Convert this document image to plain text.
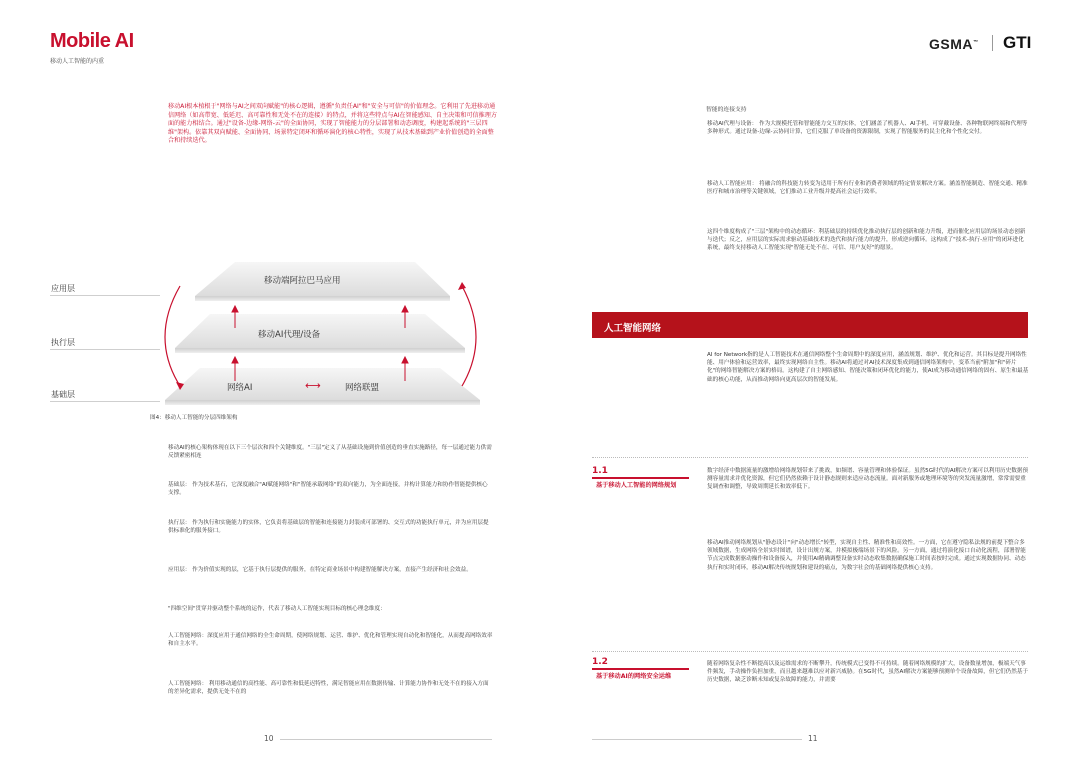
Mobile AI
移动人工智能的内重
GSMA™ GTI
移动AI根本植根于"网络与AI之间双向赋能"的核心逻辑，遵循"负责任AI"和"安全与可信"的价值理念。它利用了先进移动通信网络（如高带宽、低延迟、高可靠性和无处不在的连接）的特点，并将这些特点与AI在智能感知、自主决策和可信推理方面的能力相结合。通过"设备-边缘-网络-云"的全面协同，实现了智能能力的分层部署和动态调度，构建起系统的"三层四维"架构。依靠其双向赋能、全面协同、场景特定闭环和循环演化的核心特性，实现了从技术基础到产业价值创造的全面整合和持续迭代。
应用层
执行层
基础层
移动端阿拉巴马应用
移动AI代理/设备
网络AI	⟷	网络联盟
图4：移动人工智能的分层四维架构
移动AI的核心架构体现在以下三个层次和四个关键维度。"三层"定义了从基础设施到价值创造的垂直实施路径，每一层通过能力供需反馈紧密相连
基础层： 作为技术基石，它深度融合"AI赋能网络"和"智能承载网络"的双向能力，为全面连接，并构计算能力和协作智能提供核心支撑。
执行层： 作为执行和实施能力的实体，它负责将基础层的智能和连接能力封装成可部署的、交互式的功能执行单元，并为应用层提供标准化的服务接口。
应用层： 作为价值实现的层，它基于执行层提供的服务，在特定商业场景中构建智能解决方案，直接产生经济和社会效益。
"四维空间"贯穿并驱动整个系统的运作，代表了移动人工智能实现目标的核心理念维度：
人工智能网络：深度应用于通信网络的全生命周期，使网络规划、运营、维护、优化和管理实现自动化和智能化，从而提高网络效率和自主水平。
人工智能网络： 利用移动通信的高性能、高可靠性和低延迟特性，满足智能应用在数据传输、计算能力协作和无处不在的接入方面的差异化需求，提供无处不在的
10
智能的连接支持
移动AI代理与设备： 作为大规模托管和智能能力交互的实体，它们涵盖了机器人、AI手机、可穿戴设备、各种物联网终端和代理等多种形式。通过设备-边缘-云协同计算，它们克服了单设备的资源限制，实现了智能服务的民主化和个性化交付。
移动人工智能应用： 将融合的科技能力转变为适用于所有行业和消费者领域的特定情景解决方案。涵盖智能制造、智能交通、精准医疗和城市治理等关键领域，它们推动工业升级并提高社会运行效率。
这四个维度构成了"三层"架构中的动态循环：利基础层的持续优化推动执行层的创新和能力升级，进而催化应用层的场景动态创新与迭代；反之，应用层的实际需求驱动基础技术的迭代和执行能力的提升，形成逆向循环。这构成了"技术-执行-应用"的闭环进化系统，最终支持移动人工智能实现"智能无处不在、可信、用户友好"的愿景。
人工智能网络
AI for Network指的是人工智能技术在通信网络整个生命周期中的深度应用，涵盖规划、维护、优化和运营。其目标是提升网络性能、用户体验和运营效率，最终实现网络自主性。移动AI将通过对AI技术深度集成到通信网络架构中，变革当前"附加"和"碎片化"的网络智能解决方案的格局。这构建了自主网络感知、智能决策和闭环优化的能力，使AI成为移动通信网络的固有、原生和最基础的核心功能，从而推动网络向更高层次的智能发展。
1.1
基于移动人工智能的网络规划
数字经济中数据流量的激增给网络规划带来了挑战，如频谱、容量管理和体验保证。虽然5G时代的AI解决方案可以利用历史数据预测容量需求并优化资源，但它们仍然依赖于设计静态规则来适应动态流量。面对新服务或地理环境等的突发流量激增，常常需要重复调查和调整，导致周期延长和效率低下。
移动AI推动网络规划从"静态设计"向"动态增长"转型，实现自主性、精准性和高效性。一方面，它在遵守隐私法规的前提下整合多领域数据，生成网络全景实时图谱，设计出规方案，并模拟极端场景下的风险。另一方面，通过将演化接口自动化流程，部署智能节点完成数据驱动操作和设备接入，并使用AI精确调整设备实时动态收集数据确保施工时间表按时完成。通过实现数据协同、动态执行和实时闭环，移动AI解决传统规划和建设的痛点，为数字社会的基础网络提供核心支持。
1.2
基于移动AI的网络安全运维
随着网络复杂性不断提高以及运维需求的不断攀升，传统模式已变得不可持续。随着网络规模的扩大，设备数量增加，极端天气事件频发，手动操作负担加重，而且越来越难以应对新兴威胁。在5G时代，虽然AI解决方案能够预测单个设备故障，但它们仍然基于历史数据，缺乏诊断未知或复杂故障的能力，并需要
11
